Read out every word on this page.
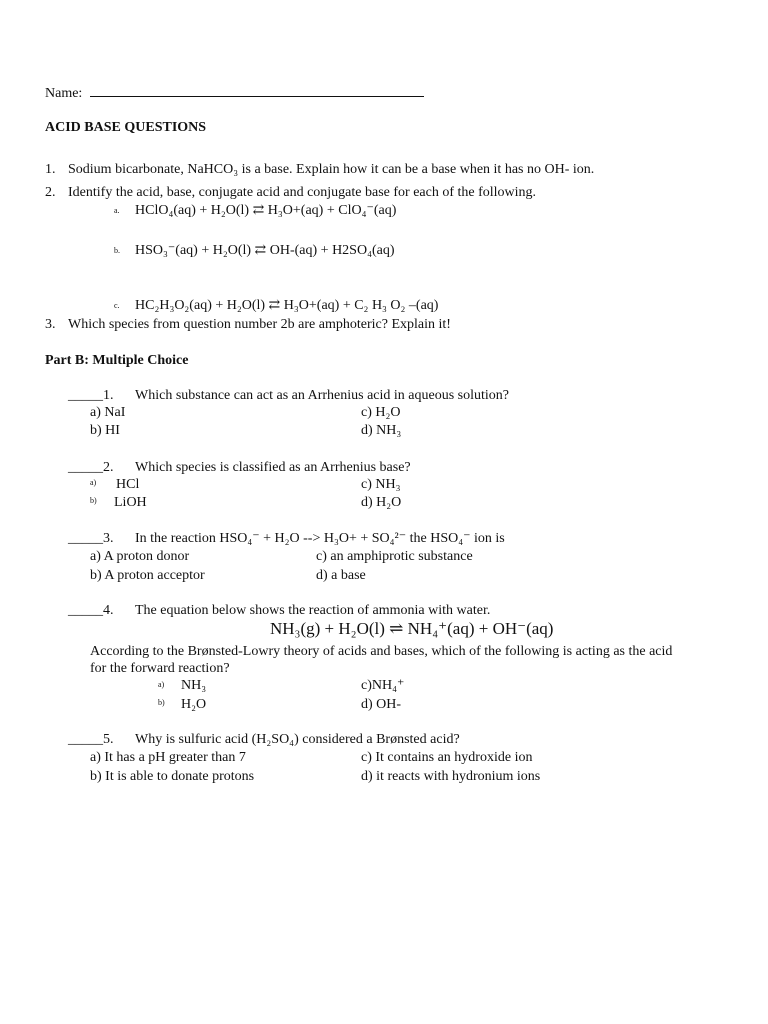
Name:
ACID BASE QUESTIONS
1. Sodium bicarbonate, NaHCO₃ is a base. Explain how it can be a base when it has no OH- ion.
2. Identify the acid, base, conjugate acid and conjugate base for each of the following.
a. HClO₄(aq) + H₂O(l) ⇄ H₃O+(aq) + ClO₄⁻(aq)
b. HSO₃⁻(aq) + H₂O(l) ⇄ OH-(aq) + H2SO₄(aq)
c. HC₂H₃O₂(aq) + H₂O(l) ⇄ H₃O+(aq) + C₂ H₃ O₂ –(aq)
3. Which species from question number 2b are amphoteric? Explain it!
Part B: Multiple Choice
_____1. Which substance can act as an Arrhenius acid in aqueous solution?
a) NaI
b) HI
c) H₂O
d) NH₃
_____2. Which species is classified as an Arrhenius base?
a) HCl
b) LiOH
c) NH₃
d) H₂O
_____3. In the reaction HSO₄⁻ + H₂O --> H₃O+ + SO₄²⁻ the HSO₄⁻ ion is
a) A proton donor
b) A proton acceptor
c) an amphiprotic substance
d) a base
_____4. The equation below shows the reaction of ammonia with water.
NH₃(g) + H₂O(l) ⇌ NH₄⁺(aq) + OH⁻(aq)
According to the Brønsted-Lowry theory of acids and bases, which of the following is acting as the acid
for the forward reaction?
a) NH₃
b) H₂O
c)NH₄⁺
d) OH-
_____5. Why is sulfuric acid (H₂SO₄) considered a Brønsted acid?
a) It has a pH greater than 7
b) It is able to donate protons
c) It contains an hydroxide ion
d) it reacts with hydronium ions
